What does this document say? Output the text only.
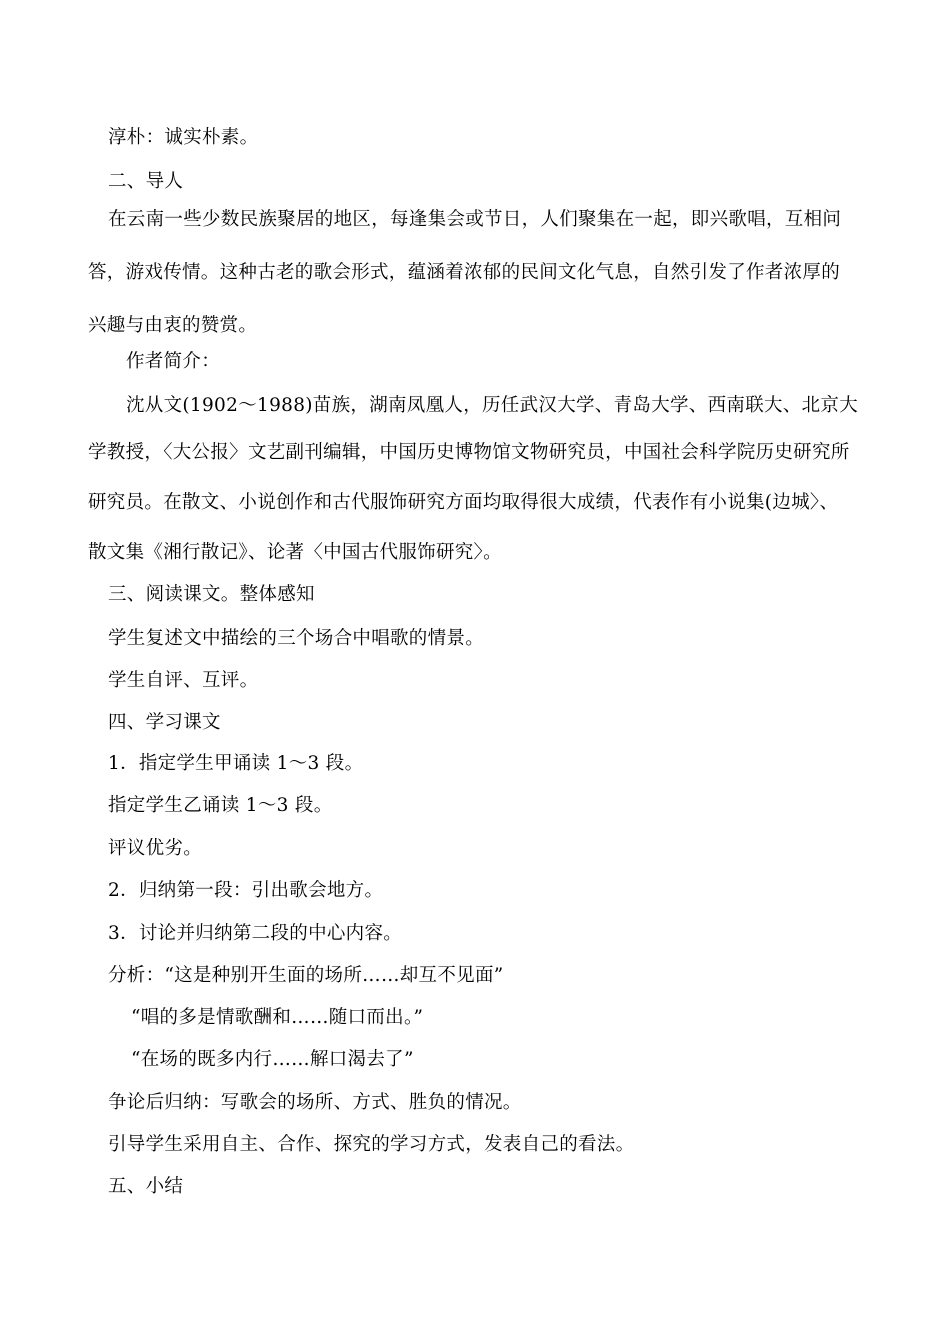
淳朴：诚实朴素。
二、导人
在云南一些少数民族聚居的地区，每逢集会或节日，人们聚集在一起，即兴歌唱，互相问
答，游戏传情。这种古老的歌会形式，蕴涵着浓郁的民间文化气息，自然引发了作者浓厚的
兴趣与由衷的赞赏。
作者简介：
沈从文(1902～1988)苗族，湖南凤凰人，历任武汉大学、青岛大学、西南联大、北京大
学教授，〈大公报〉文艺副刊编辑，中国历史博物馆文物研究员，中国社会科学院历史研究所
研究员。在散文、小说创作和古代服饰研究方面均取得很大成绩，代表作有小说集(边城〉、
散文集《湘行散记》、论著〈中国古代服饰研究〉。
三、阅读课文。整体感知
学生复述文中描绘的三个场合中唱歌的情景。
学生自评、互评。
四、学习课文
1．指定学生甲诵读 1～3 段。
指定学生乙诵读 1～3 段。
评议优劣。
2．归纳第一段：引出歌会地方。
3．讨论并归纳第二段的中心内容。
分析：“这是种别开生面的场所……却互不见面”
“唱的多是情歌酬和……随口而出。”
“在场的既多内行……解口渴去了”
争论后归纳：写歌会的场所、方式、胜负的情况。
引导学生采用自主、合作、探究的学习方式，发表自己的看法。
五、小结
